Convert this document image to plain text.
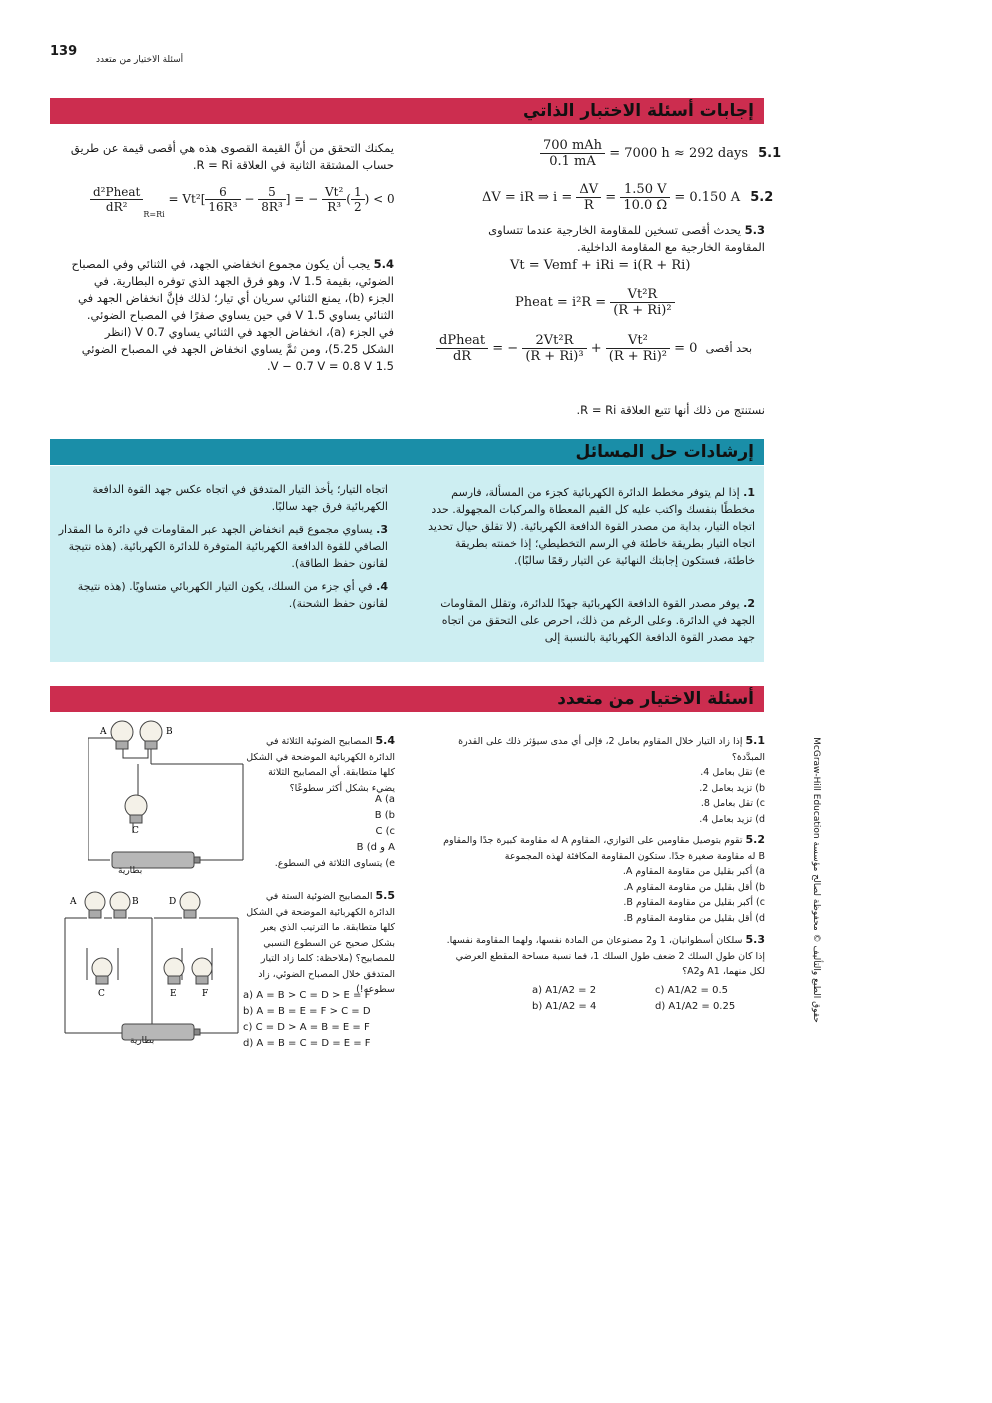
139
أسئلة الاختيار من متعدد
إجابات أسئلة الاختبار الذاتي
$\frac{\text{700 mAh}}{0.1 mA} = 7000$ h ≈ 292 days 5.1
ΔV = iR ⇒ $i = \frac{\Delta V}{R} = \frac{1.50 V}{10.0 \Omega} = 0.150$ A 5.2
5.3 يحدث أقصى تسخين للمقاومة الخارجية عندما تتساوى المقاومة الخارجية مع المقاومة الداخلية.
Vt = Vemf + iRi = i(R + Ri)
Pheat = $i^2R = \frac{\text{Vt²R}}{\text{(R + Ri)²}}$
$\frac{\text{dPheat}}{dR}$ = − $\frac{\text{2Vt²R}}{\text{(R + Ri)³}} + \frac{\text{Vt²}}{\text{(R + Ri)²}} = 0$ بحد أقصى
نستنتج من ذلك أنها تتبع العلاقة R = Ri.
يمكنك التحقق من أنَّ القيمة القصوى هذه هي أقصى قيمة عن طريق حساب المشتقة الثانية في العلاقة R = Ri.
$\frac{\text{d²Pheat}}{\text{dR²}}$
$_{R=Ri} = Vt^2[ \frac{6}{\text{16R³}} - \frac{5}{\text{8R³}}$ ] = − $\frac{\text{Vt²}}{\text{R³}}$ ( $\frac{1}{2}$ ) < 0
5.4 يجب أن يكون مجموع انخفاضي الجهد، في الثنائي وفي المصباح الضوئي، بقيمة 1.5 V، وهو فرق الجهد الذي توفره البطارية. في الجزء (b)، يمنع الثنائي سريان أي تيار؛ لذلك فإنَّ انخفاض الجهد في الثنائي يساوي 1.5 V في حين يساوي صفرًا في المصباح الضوئي. في الجزء (a)، انخفاض الجهد في الثنائي يساوي 0.7 V (انظر الشكل 5.25)، ومن ثمَّ يساوي انخفاض الجهد في المصباح الضوئي 1.5 V − 0.7 V = 0.8 V.
إرشادات حل المسائل
1. إذا لم يتوفر مخطط الدائرة الكهربائية كجزء من المسألة، فارسم مخططًا بنفسك واكتب عليه كل القيم المعطاة والمركبات المجهولة. حدد اتجاه التيار، بداية من مصدر القوة الدافعة الكهربائية. (لا تقلق حيال تحديد اتجاه التيار بطريقة خاطئة في الرسم التخطيطي؛ إذا خمنته بطريقة خاطئة، فستكون إجابتك النهائية عن التيار رقمًا سالبًا).
2. يوفر مصدر القوة الدافعة الكهربائية جهدًا للدائرة، وتقلل المقاومات الجهد في الدائرة. وعلى الرغم من ذلك، احرص على التحقق من اتجاه جهد مصدر القوة الدافعة الكهربائية بالنسبة إلى
اتجاه التيار؛ يأخذ التيار المتدفق في اتجاه عكس جهد القوة الدافعة الكهربائية فرق جهد سالبًا.
3. يساوي مجموع قيم انخفاض الجهد عبر المقاومات في دائرة ما المقدار الصافي للقوة الدافعة الكهربائية المتوفرة للدائرة الكهربائية. (هذه نتيجة لقانون حفظ الطاقة).
4. في أي جزء من السلك، يكون التيار الكهربائي متساويًا. (هذه نتيجة لقانون حفظ الشحنة).
أسئلة الاختيار من متعدد
5.1 إذا زاد التيار خلال المقاوم بعامل 2، فإلى أي مدى سيؤثر ذلك على القدرة المبدَّدة؟
e) تقل بعامل 4.
b) تزيد بعامل 2.
c) تقل بعامل 8.
d) تزيد بعامل 4.
5.2 تقوم بتوصيل مقاومين على التوازي، المقاوم A له مقاومة كبيرة جدًا والمقاوم B له مقاومة صغيرة جدًا. ستكون المقاومة المكافئة لهذه المجموعة
a) أكبر بقليل من مقاومة المقاوم A.
b) أقل بقليل من مقاومة المقاوم A.
c) أكبر بقليل من مقاومة المقاوم B.
d) أقل بقليل من مقاومة المقاوم B.
5.3 سلكان أسطوانيان، 1 و2 مصنوعان من المادة نفسها، ولهما المقاومة نفسها. إذا كان طول السلك 2 ضعف طول السلك 1، فما نسبة مساحة المقطع العرضي لكل منهما، A1 وA2؟
a) A1/A2 = 2
b) A1/A2 = 4
c) A1/A2 = 0.5
d) A1/A2 = 0.25
5.4 المصابيح الضوئية الثلاثة في الدائرة الكهربائية الموضحة في الشكل كلها متطابقة. أي المصابيح الثلاثة يضيء بشكل أكثر سطوعًا؟
A (a
B (b
C (c
A و B (d
e) يتساوى الثلاثة في السطوع.
5.5 المصابيح الضوئية الستة في الدائرة الكهربائية الموضحة في الشكل كلها متطابقة. ما الترتيب الذي يعبر بشكل صحيح عن السطوع النسبي للمصابيح؟ (ملاحظة: كلما زاد التيار المتدفق خلال المصباح الضوئي، زاد سطوعه!)
a) A = B > C = D > E = F
b) A = B = E = F > C = D
c) C = D > A = B = E = F
d) A = B = C = D = E = F
A	B
C
بطارية
A	B
C
D
E	F
بطارية
حقوق الطبع والتأليف © محفوظة لصالح مؤسسة McGraw-Hill Education
